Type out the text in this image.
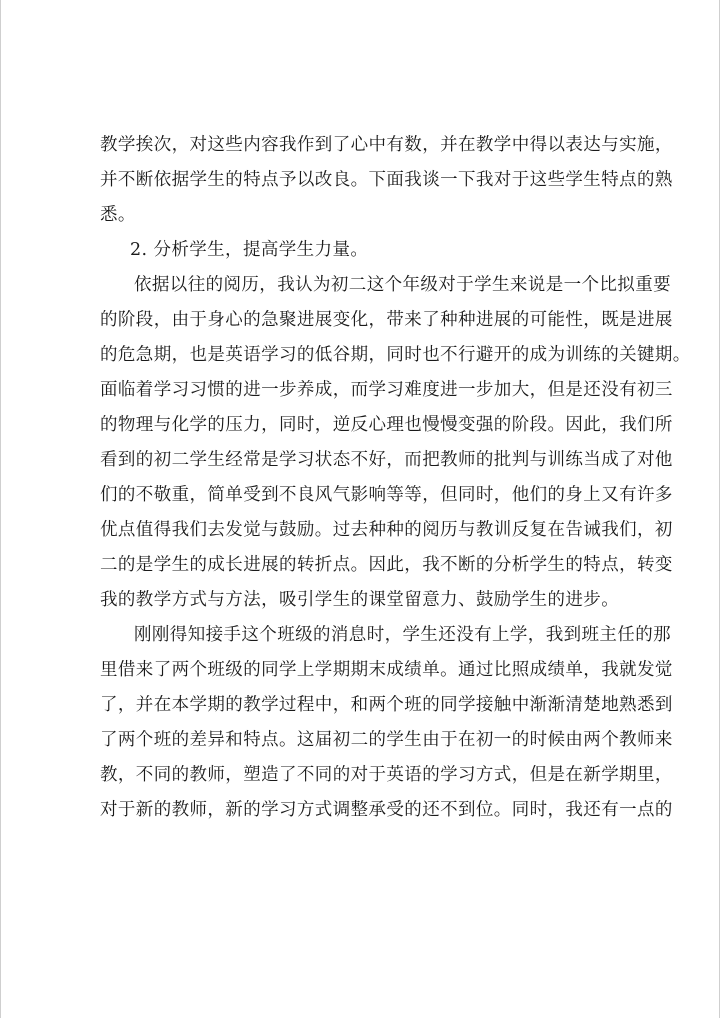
教学挨次，对这些内容我作到了心中有数，并在教学中得以表达与实施，
并不断依据学生的特点予以改良。下面我谈一下我对于这些学生特点的熟
悉。
2. 分析学生，提高学生力量。
依据以往的阅历，我认为初二这个年级对于学生来说是一个比拟重要
的阶段，由于身心的急聚进展变化，带来了种种进展的可能性，既是进展
的危急期，也是英语学习的低谷期，同时也不行避开的成为训练的关键期。
面临着学习习惯的进一步养成，而学习难度进一步加大，但是还没有初三
的物理与化学的压力，同时，逆反心理也慢慢变强的阶段。因此，我们所
看到的初二学生经常是学习状态不好，而把教师的批判与训练当成了对他
们的不敬重，简单受到不良风气影响等等，但同时，他们的身上又有许多
优点值得我们去发觉与鼓励。过去种种的阅历与教训反复在告诫我们，初
二的是学生的成长进展的转折点。因此，我不断的分析学生的特点，转变
我的教学方式与方法，吸引学生的课堂留意力、鼓励学生的进步。
刚刚得知接手这个班级的消息时，学生还没有上学，我到班主任的那
里借来了两个班级的同学上学期期末成绩单。通过比照成绩单，我就发觉
了，并在本学期的教学过程中，和两个班的同学接触中渐渐清楚地熟悉到
了两个班的差异和特点。这届初二的学生由于在初一的时候由两个教师来
教，不同的教师，塑造了不同的对于英语的学习方式，但是在新学期里，
对于新的教师，新的学习方式调整承受的还不到位。同时，我还有一点的
